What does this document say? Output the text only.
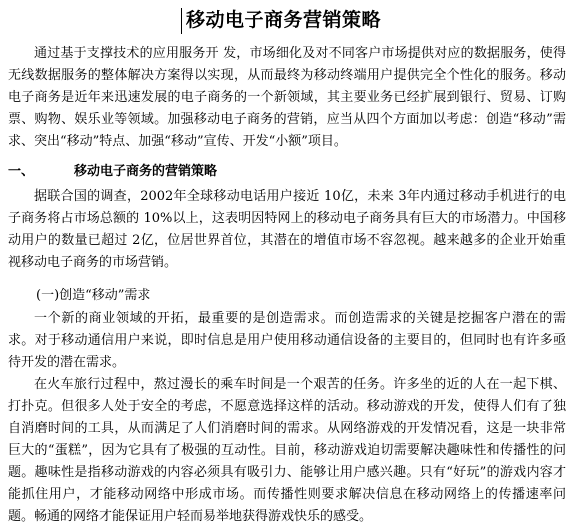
移动电子商务营销策略

通过基于支撑技术的应用服务开 发，市场细化及对不同客户市场提供对应的数据服务，使得无线数据服务的整体解决方案得以实现，从而最终为移动终端用户提供完全个性化的服务。移动电子商务是近年来迅速发展的电子商务的一个新领域，其主要业务已经扩展到银行、贸易、订购票、购物、娱乐业等领域。加强移动电子商务的营销，应当从四个方面加以考虑：创造“移动”需求、突出“移动”特点、加强“移动”宣传、开发“小额”项目。

一、	移动电子商务的营销策略

据联合国的调查，2002年全球移动电话用户接近 10亿，未来 3年内通过移动手机进行的电子商务将占市场总额的 10%以上，这表明因特网上的移动电子商务具有巨大的市场潜力。中国移动用户的数量已超过 2亿，位居世界首位，其潜在的增值市场不容忽视。越来越多的企业开始重视移动电子商务的市场营销。

(一)创造“移动”需求

一个新的商业领域的开拓，最重要的是创造需求。而创造需求的关键是挖掘客户潜在的需求。对于移动通信用户来说，即时信息是用户使用移动通信设备的主要目的，但同时也有许多亟待开发的潜在需求。

在火车旅行过程中，熬过漫长的乘车时间是一个艰苦的任务。许多坐的近的人在一起下棋、打扑克。但很多人处于安全的考虑，不愿意选择这样的活动。移动游戏的开发，使得人们有了独自消磨时间的工具，从而满足了人们消磨时间的需求。从网络游戏的开发情况看，这是一块非常巨大的“蛋糕”，因为它具有了极强的互动性。目前，移动游戏迫切需要解决趣味性和传播性的问题。趣味性是指移动游戏的内容必须具有吸引力、能够让用户感兴趣。只有“好玩”的游戏内容才能抓住用户，才能移动网络中形成市场。而传播性则要求解决信息在移动网络上的传播速率问题。畅通的网络才能保证用户轻而易举地获得游戏快乐的感受。
